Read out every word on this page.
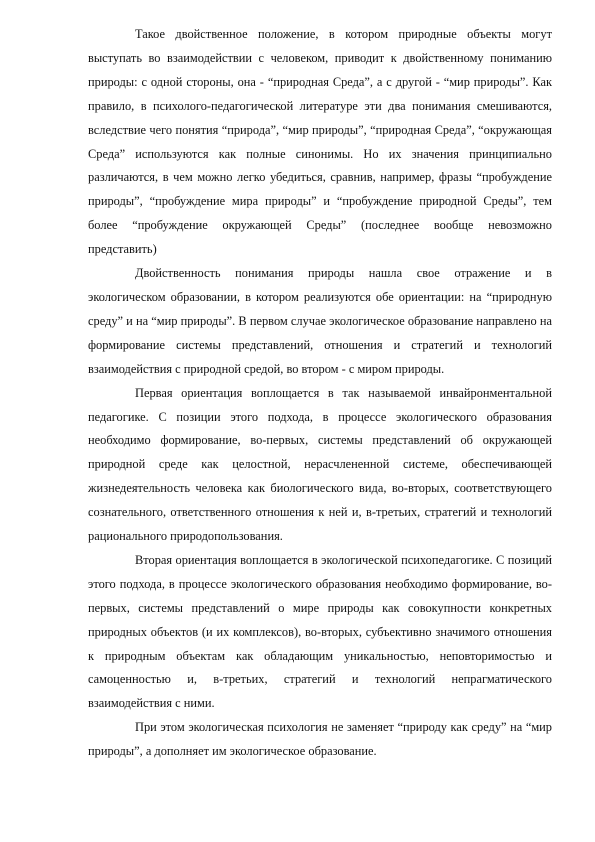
Такое двойственное положение, в котором природные объекты могут выступать во взаимодействии с человеком, приводит к двойственному пониманию природы: с одной стороны, она - “природная Среда”, а с другой - “мир природы”. Как правило, в психолого-педагогической литературе эти два понимания смешиваются, вследствие чего понятия “природа”, “мир природы”, “природная Среда”, “окружающая Среда” используются как полные синонимы. Но их значения принципиально различаются, в чем можно легко убедиться, сравнив, например, фразы “пробуждение природы”, “пробуждение мира природы” и “пробуждение природной Среды”, тем более “пробуждение окружающей Среды” (последнее вообще невозможно представить)

Двойственность понимания природы нашла свое отражение и в экологическом образовании, в котором реализуются обе ориентации: на “природную среду” и на “мир природы”. В первом случае экологическое образование направлено на формирование системы представлений, отношения и стратегий и технологий взаимодействия с природной средой, во втором - с миром природы.

Первая ориентация воплощается в так называемой инвайронментальной педагогике. С позиции этого подхода, в процессе экологического образования необходимо формирование, во-первых, системы представлений об окружающей природной среде как целостной, нерасчлененной системе, обеспечивающей жизнедеятельность человека как биологического вида, во-вторых, соответствующего сознательного, ответственного отношения к ней и, в-третьих, стратегий и технологий рационального природопользования.

Вторая ориентация воплощается в экологической психопедагогике. С позиций этого подхода, в процессе экологического образования необходимо формирование, во-первых, системы представлений о мире природы как совокупности конкретных природных объектов (и их комплексов), во-вторых, субъективно значимого отношения к природным объектам как обладающим уникальностью, неповторимостью и самоценностью и, в-третьих, стратегий и технологий непрагматического взаимодействия с ними.

При этом экологическая психология не заменяет “природу как среду” на “мир природы”, а дополняет им экологическое образование.
